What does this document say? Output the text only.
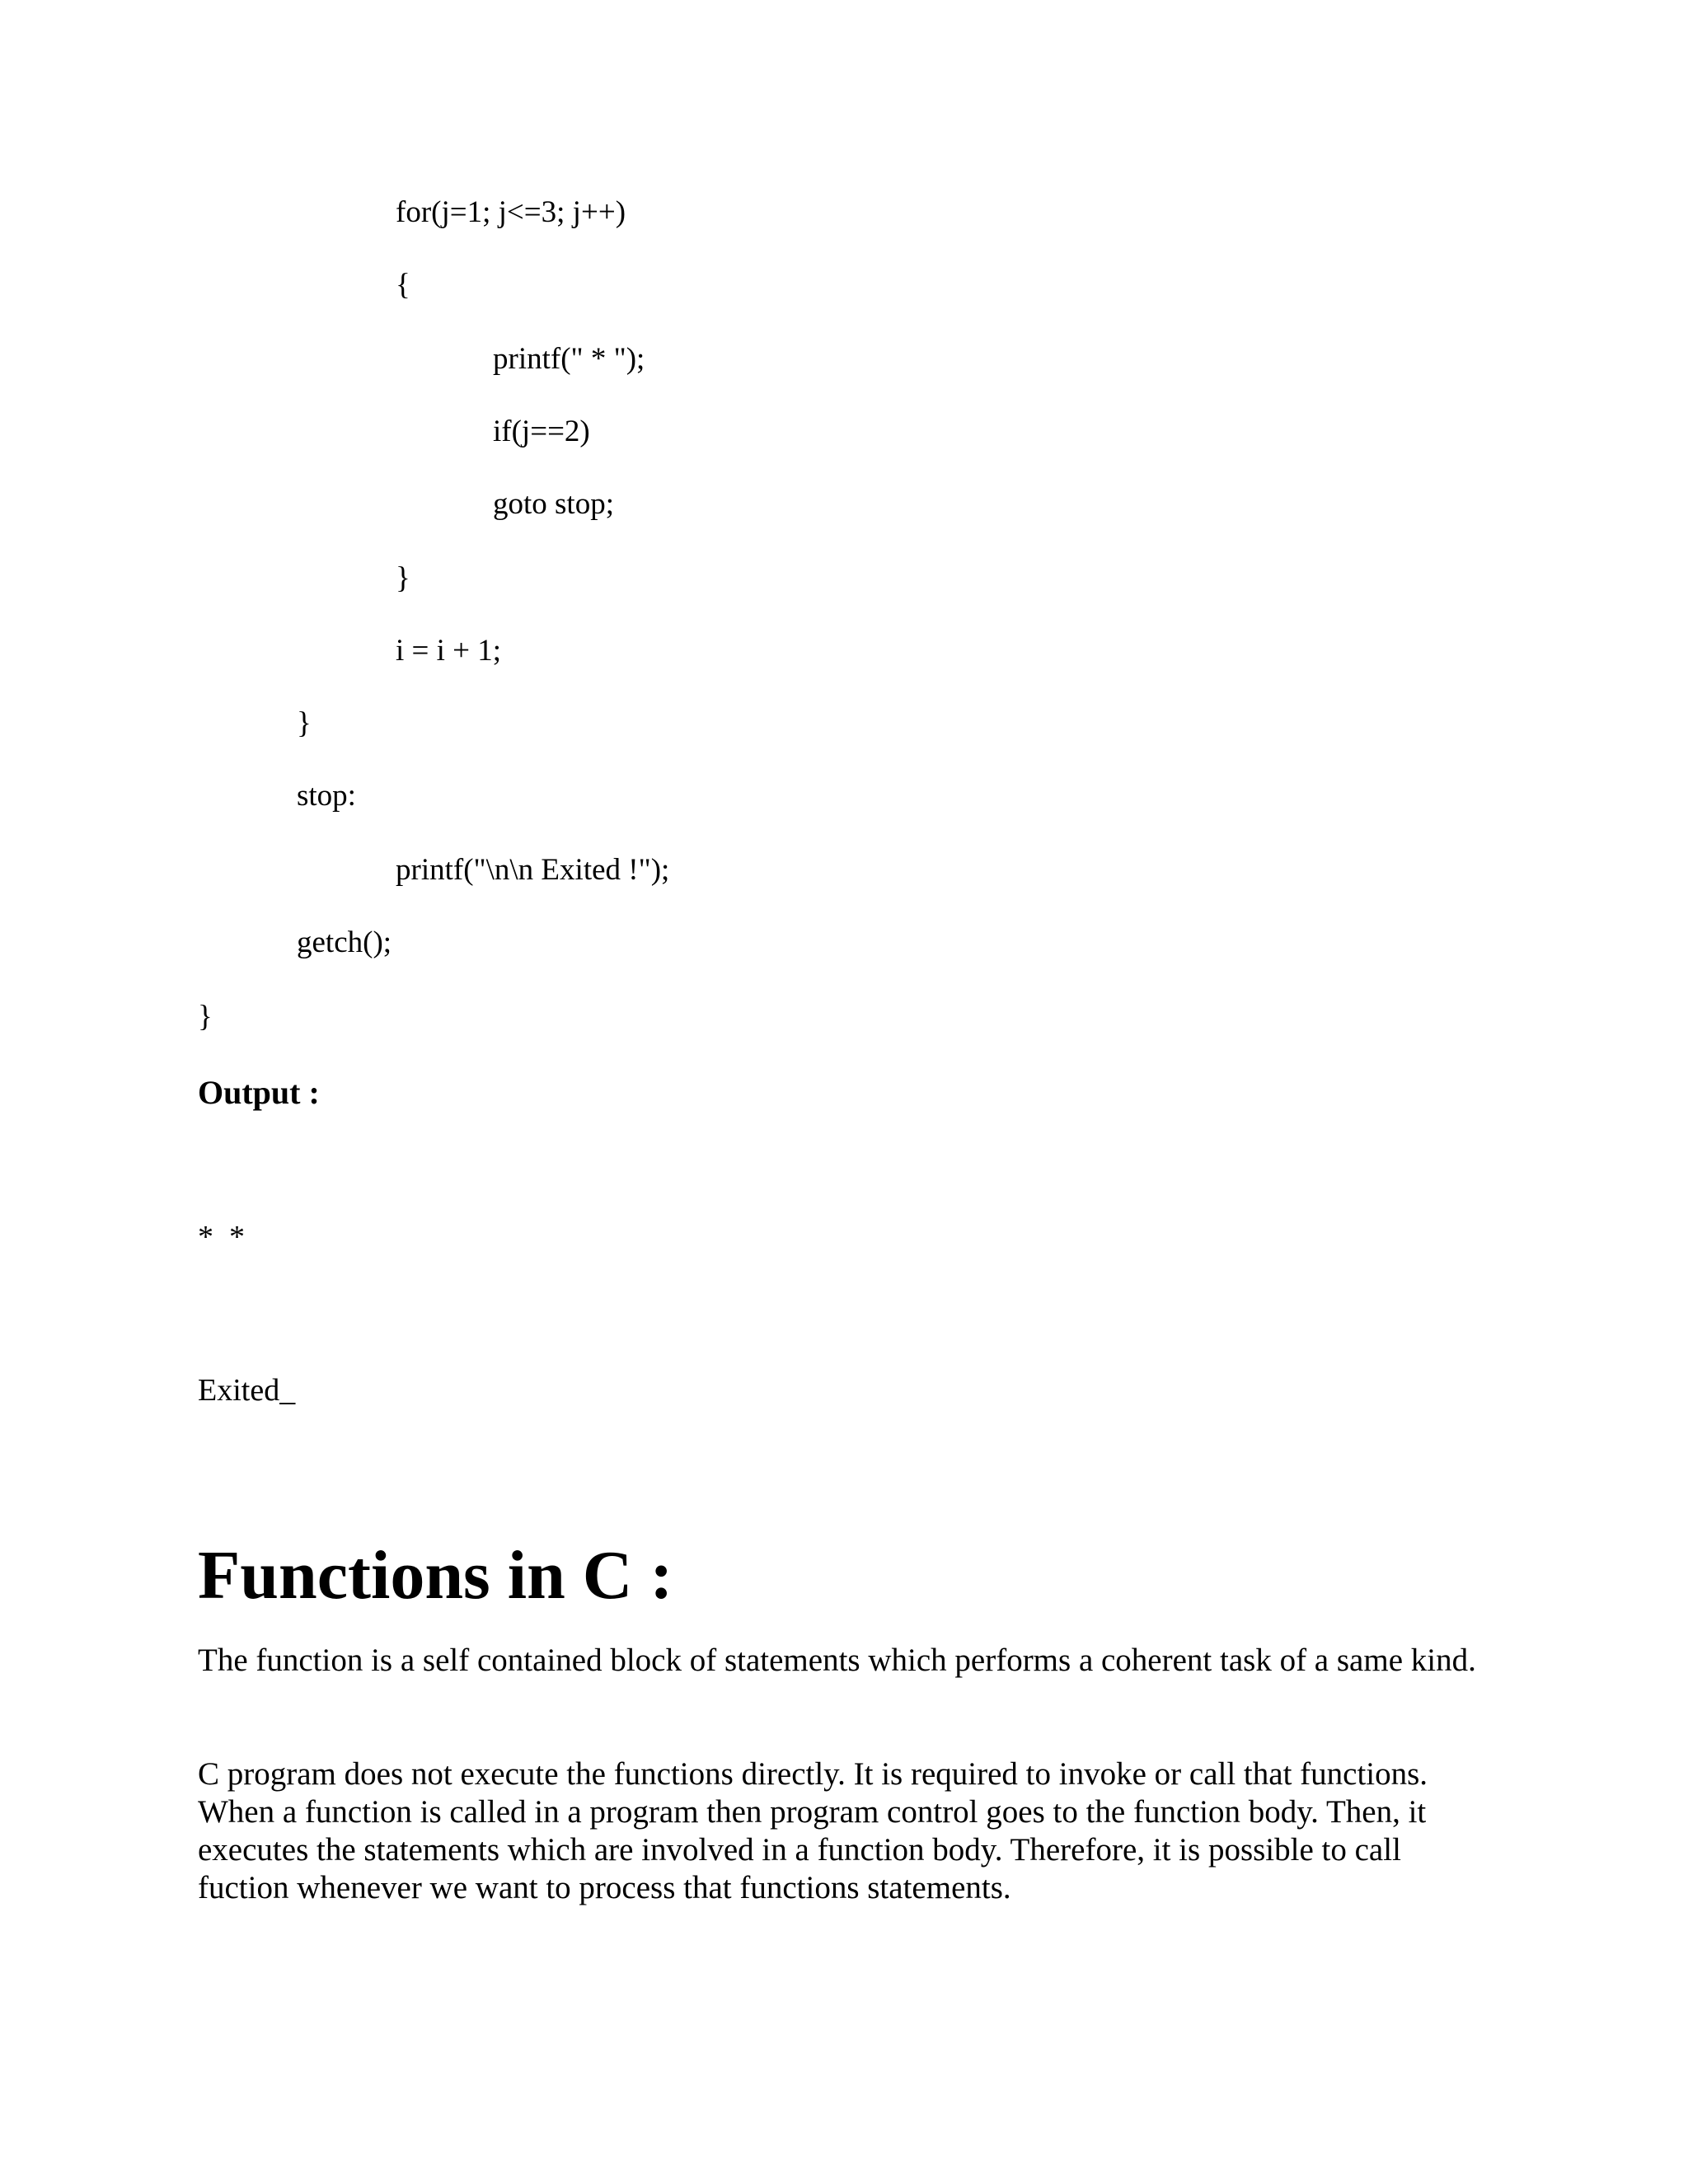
for(j=1; j<=3; j++)
{
printf(" * ");
if(j==2)
goto stop;
}
i = i + 1;
}
stop:
printf("\n\n Exited !");
getch();
}
Output :
*  *
Exited_
Functions in C :

The function is a self contained block of statements which performs a coherent task of a same kind.

C program does not execute the functions directly. It is required to invoke or call that functions. When a function is called in a program then program control goes to the function body. Then, it executes the statements which are involved in a function body. Therefore, it is possible to call fuction whenever we want to process that functions statements.
